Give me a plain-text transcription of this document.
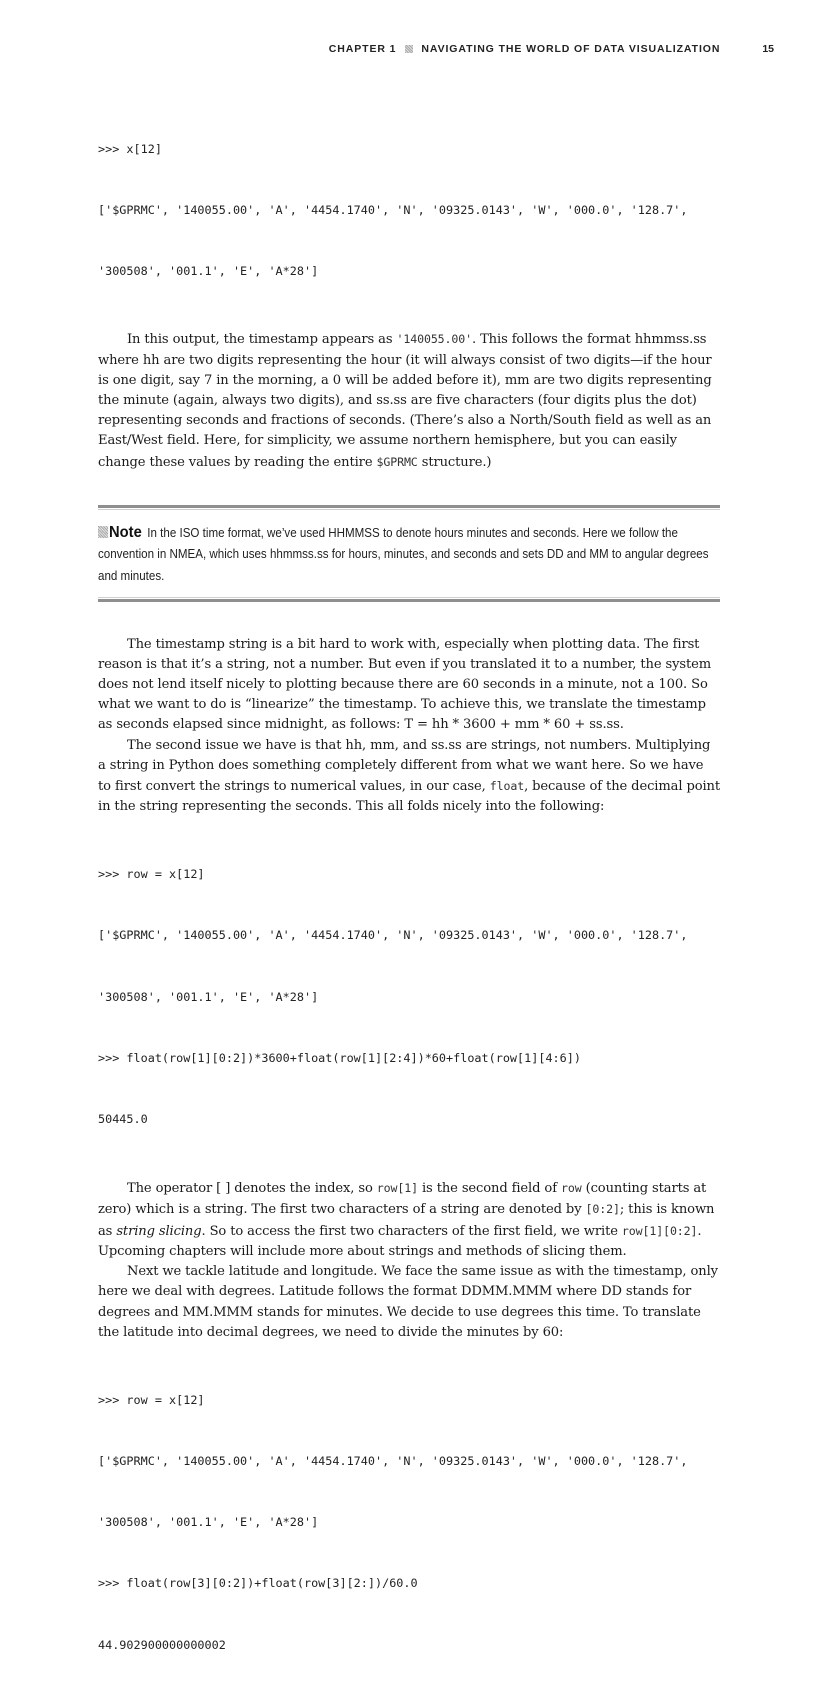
CHAPTER 1 NAVIGATING THE WORLD OF DATA VISUALIZATION	15

>>> x[12]

['$GPRMC', '140055.00', 'A', '4454.1740', 'N', '09325.0143', 'W', '000.0', '128.7',

'300508', '001.1', 'E', 'A*28']

In this output, the timestamp appears as '140055.00'. This follows the format hhmmss.ss where hh are two digits representing the hour (it will always consist of two digits—if the hour is one digit, say 7 in the morning, a 0 will be added before it), mm are two digits representing the minute (again, always two digits), and ss.ss are five characters (four digits plus the dot) representing seconds and fractions of seconds. (There’s also a North/South field as well as an East/West field. Here, for simplicity, we assume northern hemisphere, but you can easily change these values by reading the entire $GPRMC structure.)

Note In the ISO time format, we’ve used HHMMSS to denote hours minutes and seconds. Here we follow the convention in NMEA, which uses hhmmss.ss for hours, minutes, and seconds and sets DD and MM to angular degrees and minutes.

The timestamp string is a bit hard to work with, especially when plotting data. The first reason is that it’s a string, not a number. But even if you translated it to a number, the system does not lend itself nicely to plotting because there are 60 seconds in a minute, not a 100. So what we want to do is “linearize” the timestamp. To achieve this, we translate the timestamp as seconds elapsed since midnight, as follows: T = hh * 3600 + mm * 60 + ss.ss.

The second issue we have is that hh, mm, and ss.ss are strings, not numbers. Multiplying a string in Python does something completely different from what we want here. So we have to first convert the strings to numerical values, in our case, float, because of the decimal point in the string representing the seconds. This all folds nicely into the following:

>>> row = x[12]

['$GPRMC', '140055.00', 'A', '4454.1740', 'N', '09325.0143', 'W', '000.0', '128.7',

'300508', '001.1', 'E', 'A*28']

>>> float(row[1][0:2])*3600+float(row[1][2:4])*60+float(row[1][4:6])

50445.0

The operator [ ] denotes the index, so row[1] is the second field of row (counting starts at zero) which is a string. The first two characters of a string are denoted by [0:2]; this is known as string slicing. So to access the first two characters of the first field, we write row[1][0:2]. Upcoming chapters will include more about strings and methods of slicing them.

Next we tackle latitude and longitude. We face the same issue as with the timestamp, only here we deal with degrees. Latitude follows the format DDMM.MMM where DD stands for degrees and MM.MMM stands for minutes. We decide to use degrees this time. To translate the latitude into decimal degrees, we need to divide the minutes by 60:

>>> row = x[12]

['$GPRMC', '140055.00', 'A', '4454.1740', 'N', '09325.0143', 'W', '000.0', '128.7',

'300508', '001.1', 'E', 'A*28']

>>> float(row[3][0:2])+float(row[3][2:])/60.0

44.902900000000002
